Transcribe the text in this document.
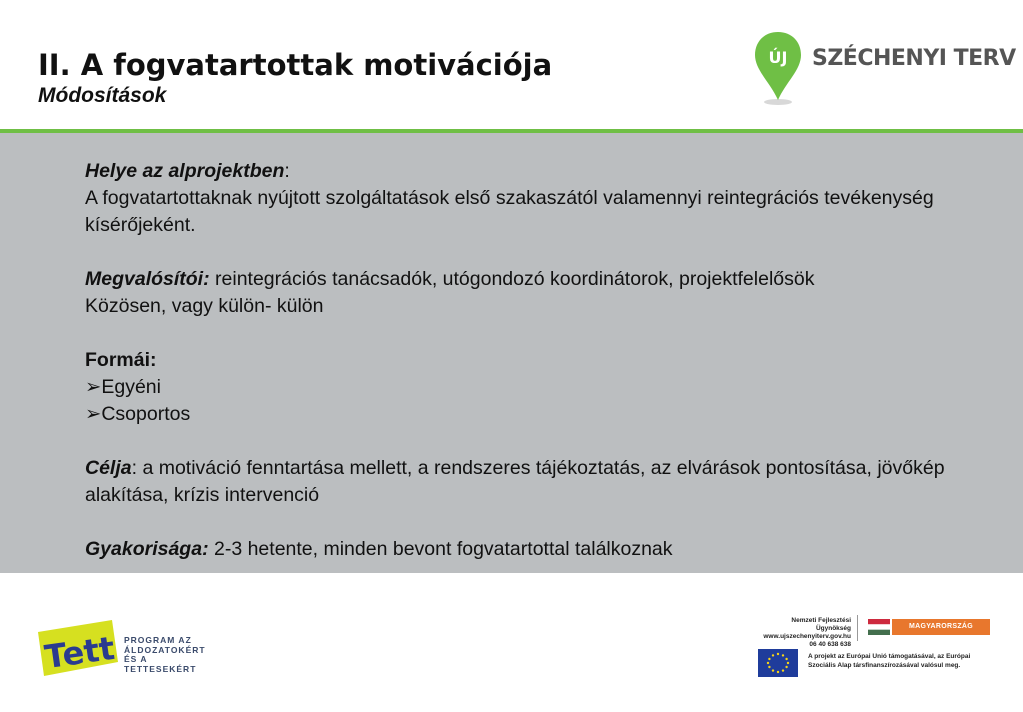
II. A fogvatartottak motivációja
Módosítások
ÚJ SZÉCHENYI TERV

Helye az alprojektben:
A fogvatartottaknak nyújtott szolgáltatások első szakaszától valamennyi reintegrációs tevékenység kísérőjeként.

Megvalósítói: reintegrációs tanácsadók, utógondozó koordinátorok, projektfelelősök
Közösen, vagy külön- külön

Formái:
➢Egyéni
➢Csoportos

Célja: a motiváció fenntartása mellett, a rendszeres tájékoztatás, az elvárások pontosítása, jövőkép alakítása, krízis intervenció

Gyakorisága: 2-3 hetente, minden bevont fogvatartottal találkoznak

Tett PROGRAM AZ
ÁLDOZATOKÉRT
ÉS A TETTESEKÉRT
Nemzeti Fejlesztési Ügynökség
www.ujszechenyiterv.gov.hu
06 40 638 638
MAGYARORSZÁG MEGÚJUL
A projekt az Európai Unió támogatásával, az Európai Szociális Alap társfinanszírozásával valósul meg.
